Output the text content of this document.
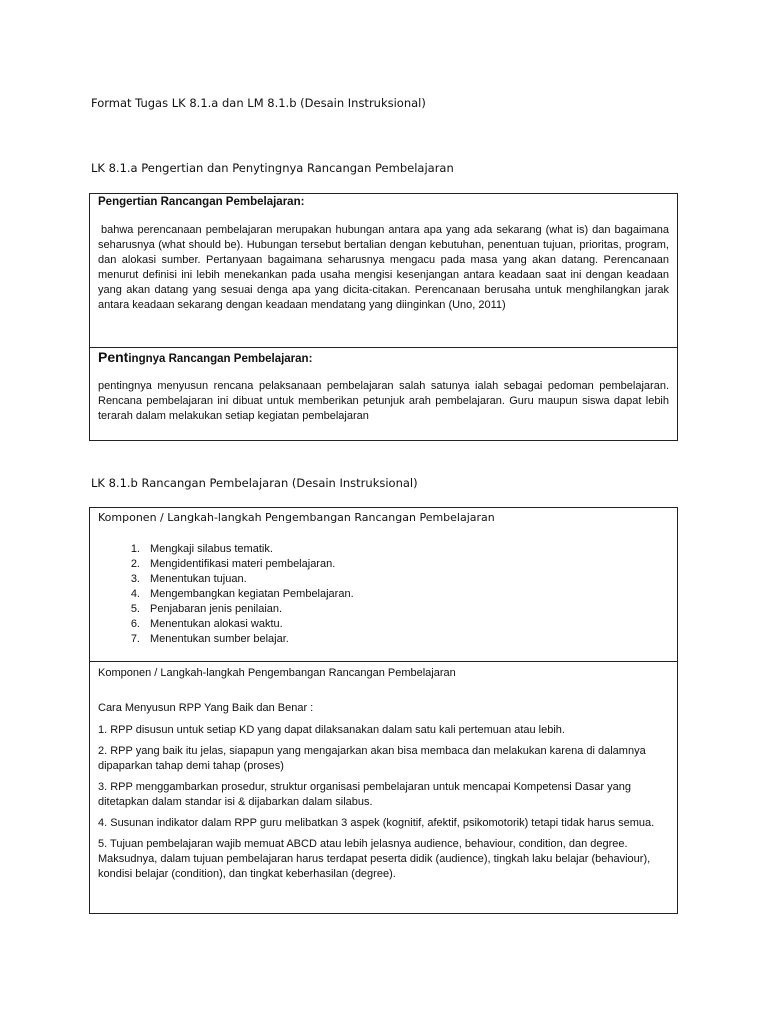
Format Tugas LK 8.1.a dan LM 8.1.b (Desain Instruksional)

LK 8.1.a Pengertian dan Penytingnya Rancangan Pembelajaran

Pengertian Rancangan Pembelajaran:

bahwa perencanaan pembelajaran merupakan hubungan antara apa yang ada sekarang (what is) dan bagaimana seharusnya (what should be). Hubungan tersebut bertalian dengan kebutuhan, penentuan tujuan, prioritas, program, dan alokasi sumber. Pertanyaan bagaimana seharusnya mengacu pada masa yang akan datang. Perencanaan menurut definisi ini lebih menekankan pada usaha mengisi kesenjangan antara keadaan saat ini dengan keadaan yang akan datang yang sesuai denga apa yang dicita-citakan. Perencanaan berusaha untuk menghilangkan jarak antara keadaan sekarang dengan keadaan mendatang yang diinginkan (Uno, 2011)

Pentingnya Rancangan Pembelajaran:

pentingnya menyusun rencana pelaksanaan pembelajaran salah satunya ialah sebagai pedoman pembelajaran. Rencana pembelajaran ini dibuat untuk memberikan petunjuk arah pembelajaran. Guru maupun siswa dapat lebih terarah dalam melakukan setiap kegiatan pembelajaran

LK 8.1.b Rancangan Pembelajaran (Desain Instruksional)

Komponen / Langkah-langkah Pengembangan Rancangan Pembelajaran

1. Mengkaji silabus tematik.
2. Mengidentifikasi materi pembelajaran.
3. Menentukan tujuan.
4. Mengembangkan kegiatan Pembelajaran.
5. Penjabaran jenis penilaian.
6. Menentukan alokasi waktu.
7. Menentukan sumber belajar.

Komponen / Langkah-langkah Pengembangan Rancangan Pembelajaran

Cara Menyusun RPP Yang Baik dan Benar :

1. RPP disusun untuk setiap KD yang dapat dilaksanakan dalam satu kali pertemuan atau lebih.

2. RPP yang baik itu jelas, siapapun yang mengajarkan akan bisa membaca dan melakukan karena di dalamnya dipaparkan tahap demi tahap (proses)

3. RPP menggambarkan prosedur, struktur organisasi pembelajaran untuk mencapai Kompetensi Dasar yang ditetapkan dalam standar isi & dijabarkan dalam silabus.

4. Susunan indikator dalam RPP guru melibatkan 3 aspek (kognitif, afektif, psikomotorik) tetapi tidak harus semua.

5. Tujuan pembelajaran wajib memuat ABCD atau lebih jelasnya audience, behaviour, condition, dan degree. Maksudnya, dalam tujuan pembelajaran harus terdapat peserta didik (audience), tingkah laku belajar (behaviour), kondisi belajar (condition), dan tingkat keberhasilan (degree).
